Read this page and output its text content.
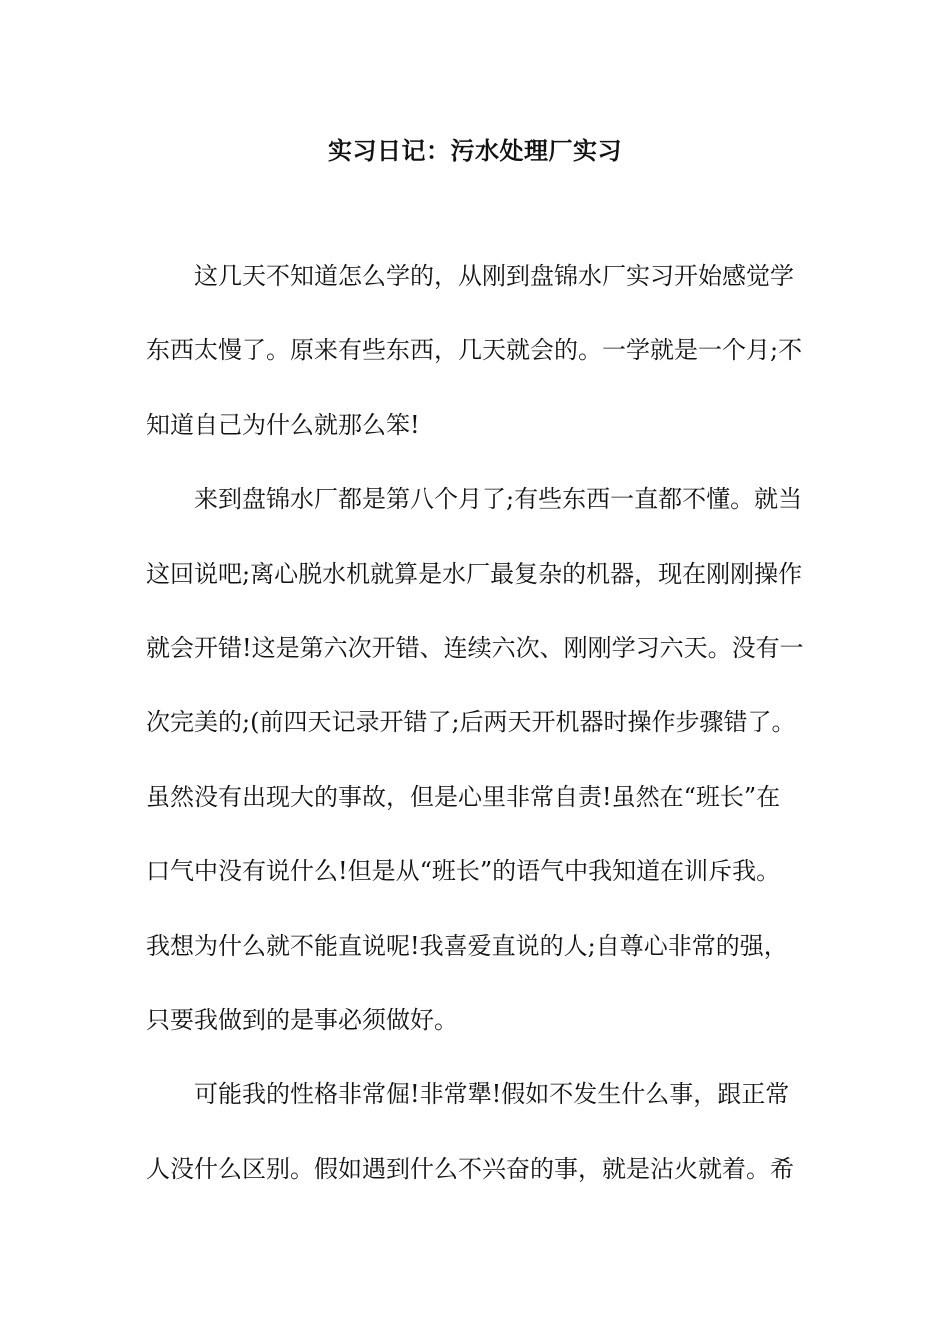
实习日记：污水处理厂实习
这几天不知道怎么学的，从刚到盘锦水厂实习开始感觉学
东西太慢了。原来有些东西，几天就会的。一学就是一个月;不
知道自己为什么就那么笨!
来到盘锦水厂都是第八个月了;有些东西一直都不懂。就当
这回说吧;离心脱水机就算是水厂最复杂的机器，现在刚刚操作
就会开错!这是第六次开错、连续六次、刚刚学习六天。没有一
次完美的;(前四天记录开错了;后两天开机器时操作步骤错了。
虽然没有出现大的事故，但是心里非常自责!虽然在“班长”在
口气中没有说什么!但是从“班长”的语气中我知道在训斥我。
我想为什么就不能直说呢!我喜爱直说的人;自尊心非常的强，
只要我做到的是事必须做好。
可能我的性格非常倔!非常犟!假如不发生什么事，跟正常
人没什么区别。假如遇到什么不兴奋的事，就是沾火就着。希
